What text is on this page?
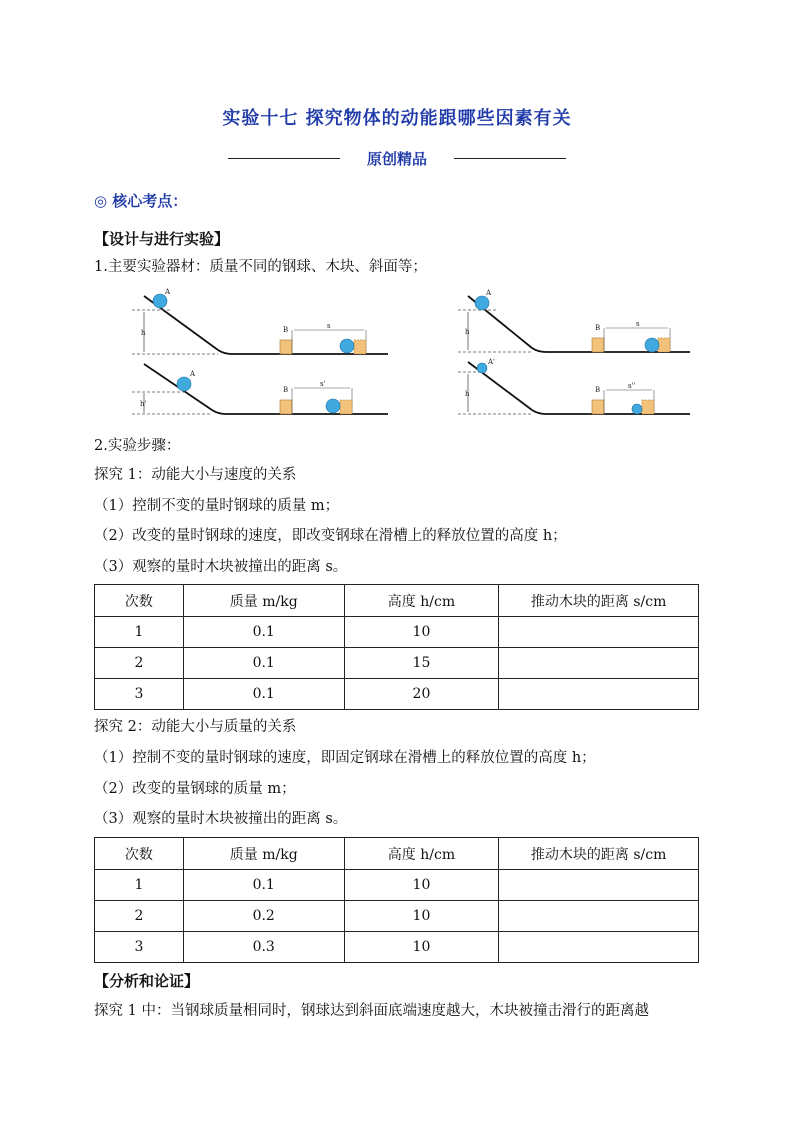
实验十七 探究物体的动能跟哪些因素有关
原创精品
◎ 核心考点：
【设计与进行实验】
1.主要实验器材：质量不同的钢球、木块、斜面等；
h
A
B	s
h'
A
B
s'
h
A
B	s
h
A'
B	s''
2.实验步骤：
探究 1：动能大小与速度的关系
（1）控制不变的量时钢球的质量 m；
（2）改变的量时钢球的速度，即改变钢球在滑槽上的释放位置的高度 h；
（3）观察的量时木块被撞出的距离 s。
次数	质量 m/kg	高度 h/cm	推动木块的距离 s/cm
1	0.1	10	
2	0.1	15	
3	0.1	20	
探究 2：动能大小与质量的关系
（1）控制不变的量时钢球的速度，即固定钢球在滑槽上的释放位置的高度 h；
（2）改变的量钢球的质量 m；
（3）观察的量时木块被撞出的距离 s。
次数	质量 m/kg	高度 h/cm	推动木块的距离 s/cm
1	0.1	10	
2	0.2	10	
3	0.3	10	
【分析和论证】
探究 1 中：当钢球质量相同时，钢球达到斜面底端速度越大，木块被撞击滑行的距离越
